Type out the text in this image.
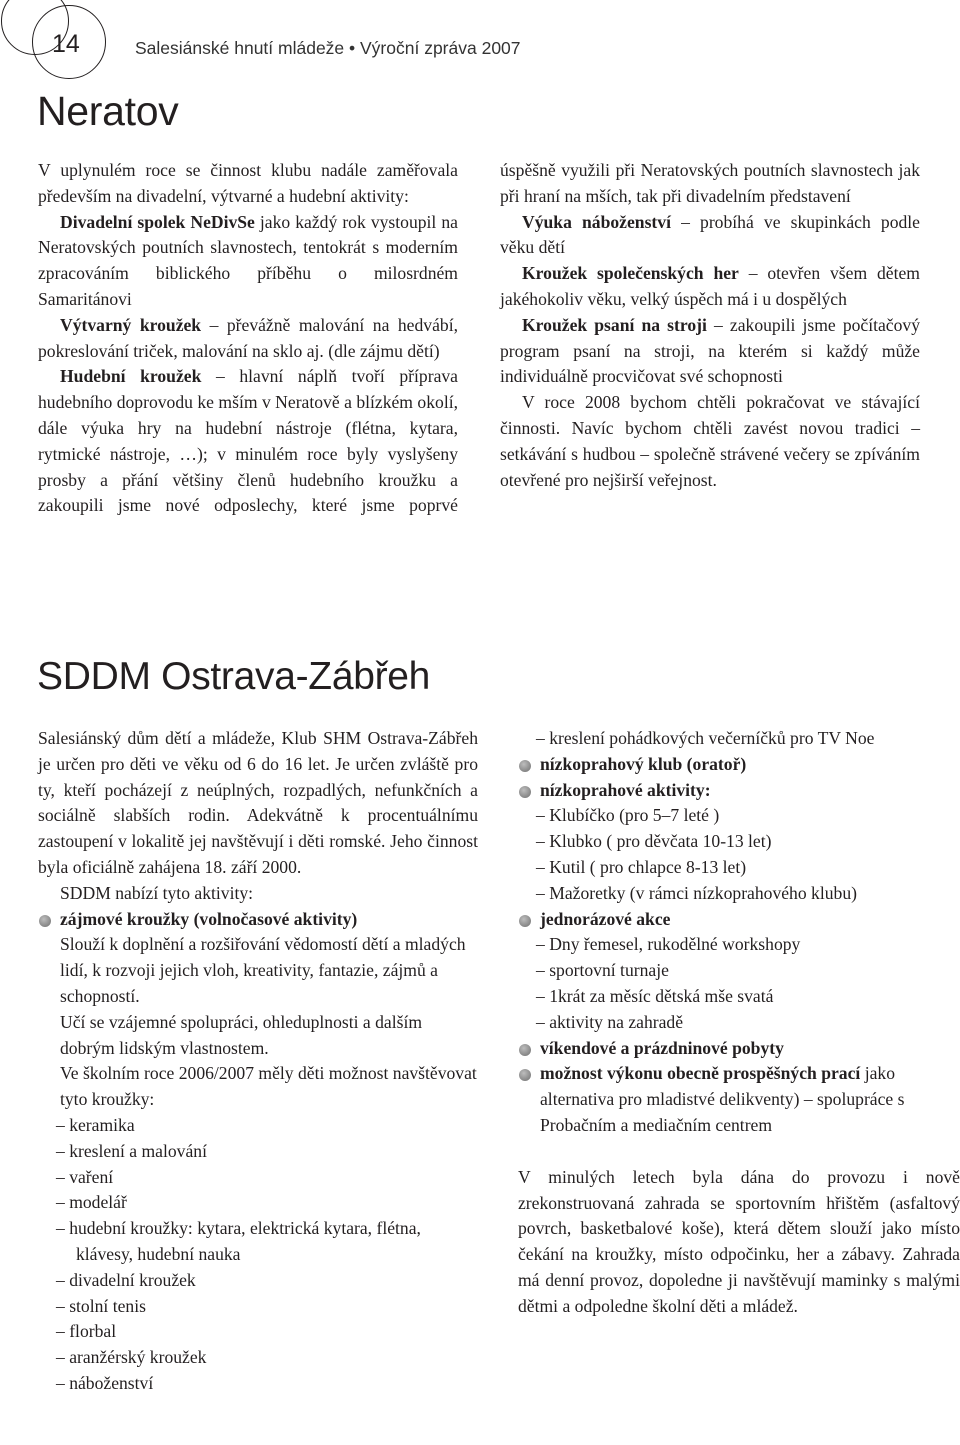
14	Salesiánské hnutí mládeže • Výroční zpráva 2007
Neratov

V uplynulém roce se činnost klubu nadále zaměřovala především na divadelní, výtvarné a hudební aktivity:

Divadelní spolek NeDivSe jako každý rok vystoupil na Neratovských poutních slavnostech, tentokrát s moderním zpracováním biblického příběhu o milosrdném Samaritánovi

Výtvarný kroužek – převážně malování na hedvábí, pokreslování triček, malování na sklo aj. (dle zájmu dětí)

Hudební kroužek – hlavní náplň tvoří příprava hudebního doprovodu ke mším v Neratově a blízkém okolí, dále výuka hry na hudební nástroje (flétna, kytara, rytmické nástroje, …); v minulém roce byly vyslyšeny prosby a přání většiny členů hudebního kroužku a zakoupili jsme nové odposlechy, které jsme poprvé úspěšně využili při Neratovských poutních slavnostech jak při hraní na mších, tak při divadelním představení

Výuka náboženství – probíhá ve skupinkách podle věku dětí

Kroužek společenských her – otevřen všem dětem jakéhokoliv věku, velký úspěch má i u dospělých

Kroužek psaní na stroji – zakoupili jsme počítačový program psaní na stroji, na kterém si každý může individuálně procvičovat své schopnosti

V roce 2008 bychom chtěli pokračovat ve stávající činnosti. Navíc bychom chtěli zavést novou tradici – setkávání s hudbou – společně strávené večery se zpíváním otevřené pro nejširší veřejnost.

SDDM Ostrava-Zábřeh

Salesiánský dům dětí a mládeže, Klub SHM Ostrava-Zábřeh je určen pro děti ve věku od 6 do 16 let. Je určen zvláště pro ty, kteří pocházejí z neúplných, rozpadlých, nefunkčních a sociálně slabších rodin. Adekvátně k procentuálnímu zastoupení v lokalitě jej navštěvují i děti romské. Jeho činnost byla oficiálně zahájena 18. září 2000.

SDDM nabízí tyto aktivity:

zájmové kroužky (volnočasové aktivity)

Slouží k doplnění a rozšiřování vědomostí dětí a mladých lidí, k rozvoji jejich vloh, kreativity, fantazie, zájmů a schopností.

Učí se vzájemné spolupráci, ohleduplnosti a dalším dobrým lidským vlastnostem.

Ve školním roce 2006/2007 měly děti možnost navštěvovat tyto kroužky:

– keramika

– kreslení a malování

– vaření

– modelář

– hudební kroužky: kytara, elektrická kytara, flétna, klávesy, hudební nauka

– divadelní kroužek

– stolní tenis

– florbal

– aranžérský kroužek

– náboženství

– kreslení pohádkových večerníčků pro TV Noe

nízkoprahový klub (oratoř)

nízkoprahové aktivity:

– Klubíčko (pro 5–7 leté )

– Klubko ( pro děvčata 10-13 let)

– Kutil ( pro chlapce 8-13 let)

– Mažoretky (v rámci nízkoprahového klubu)

jednorázové akce

– Dny řemesel, rukodělné workshopy

– sportovní turnaje

– 1krát za měsíc dětská mše svatá

– aktivity na zahradě

víkendové a prázdninové pobyty

možnost výkonu obecně prospěšných prací jako alternativa pro mladistvé delikventy) – spolupráce s Probačním a mediačním centrem

V minulých letech byla dána do provozu i nově zrekonstruovaná zahrada se sportovním hřištěm (asfaltový povrch, basketbalové koše), která dětem slouží jako místo čekání na kroužky, místo odpočinku, her a zábavy. Zahrada má denní provoz, dopoledne ji navštěvují maminky s malými dětmi a odpoledne školní děti a mládež.
